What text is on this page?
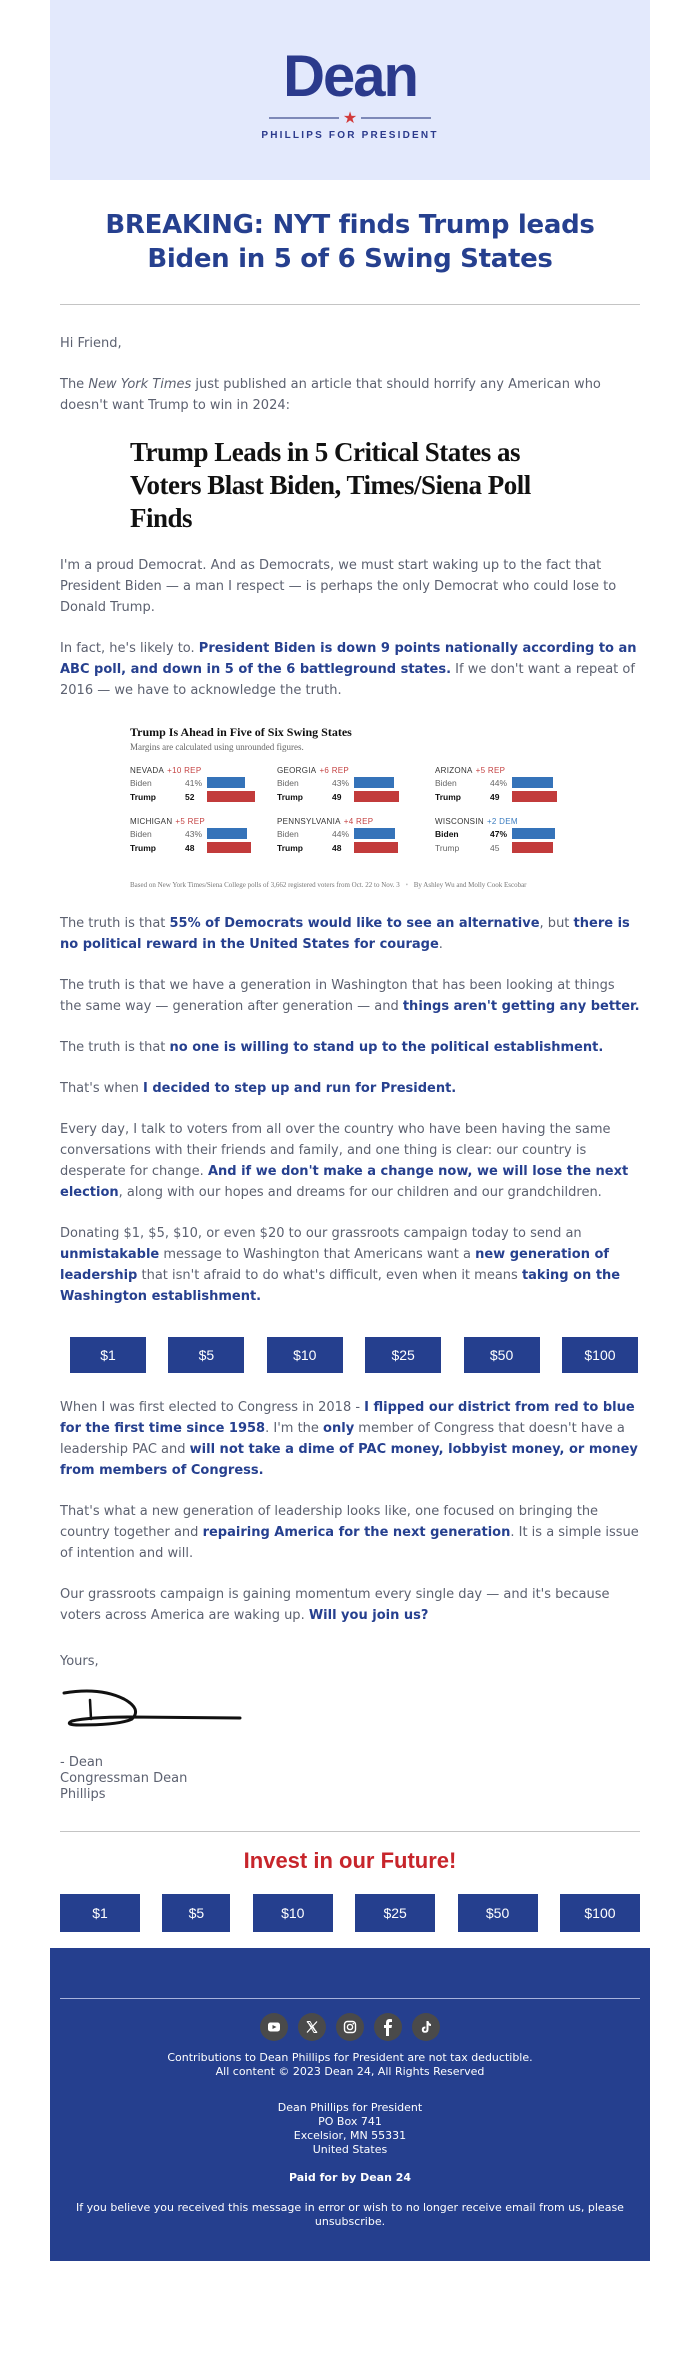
Dean
★
PHILLIPS FOR PRESIDENT
BREAKING: NYT finds Trump leads Biden in 5 of 6 Swing States

Hi Friend,

The New York Times just published an article that should horrify any American who doesn't want Trump to win in 2024:

Trump Leads in 5 Critical States as Voters Blast Biden, Times/Siena Poll Finds

I'm a proud Democrat. And as Democrats, we must start waking up to the fact that President Biden — a man I respect — is perhaps the only Democrat who could lose to Donald Trump.

In fact, he's likely to. President Biden is down 9 points nationally according to an ABC poll, and down in 5 of the 6 battleground states. If we don't want a repeat of 2016 — we have to acknowledge the truth.

Trump Is Ahead in Five of Six Swing States
Margins are calculated using unrounded figures.
NEVADA +10 REP
Biden	41%
Trump	52
GEORGIA +6 REP
Biden	43%
Trump	49
ARIZONA +5 REP
Biden	44%
Trump	49
MICHIGAN +5 REP
Biden	43%
Trump	48
PENNSYLVANIA +4 REP
Biden	44%
Trump	48
WISCONSIN +2 DEM
Biden	47%
Trump	45
Based on New York Times/Siena College polls of 3,662 registered voters from Oct. 22 to Nov. 3 • By Ashley Wu and Molly Cook Escobar

The truth is that 55% of Democrats would like to see an alternative, but there is no political reward in the United States for courage.

The truth is that we have a generation in Washington that has been looking at things the same way — generation after generation — and things aren't getting any better.

The truth is that no one is willing to stand up to the political establishment.

That's when I decided to step up and run for President.

Every day, I talk to voters from all over the country who have been having the same conversations with their friends and family, and one thing is clear: our country is desperate for change. And if we don't make a change now, we will lose the next election, along with our hopes and dreams for our children and our grandchildren.

Donating $1, $5, $10, or even $20 to our grassroots campaign today to send an unmistakable message to Washington that Americans want a new generation of leadership that isn't afraid to do what's difficult, even when it means taking on the Washington establishment.

$1	$5	$10	$25	$50	$100

When I was first elected to Congress in 2018 - I flipped our district from red to blue for the first time since 1958. I'm the only member of Congress that doesn't have a leadership PAC and will not take a dime of PAC money, lobbyist money, or money from members of Congress.

That's what a new generation of leadership looks like, one focused on bringing the country together and repairing America for the next generation. It is a simple issue of intention and will.

Our grassroots campaign is gaining momentum every single day — and it's because voters across America are waking up. Will you join us?

Yours,

- Dean
Congressman Dean
Phillips
Invest in our Future!
$1	$5	$10	$25	$50	$100
Contributions to Dean Phillips for President are not tax deductible.
All content © 2023 Dean 24, All Rights Reserved
Dean Phillips for President
PO Box 741
Excelsior, MN 55331
United States
Paid for by Dean 24
If you believe you received this message in error or wish to no longer receive email from us, please unsubscribe.
